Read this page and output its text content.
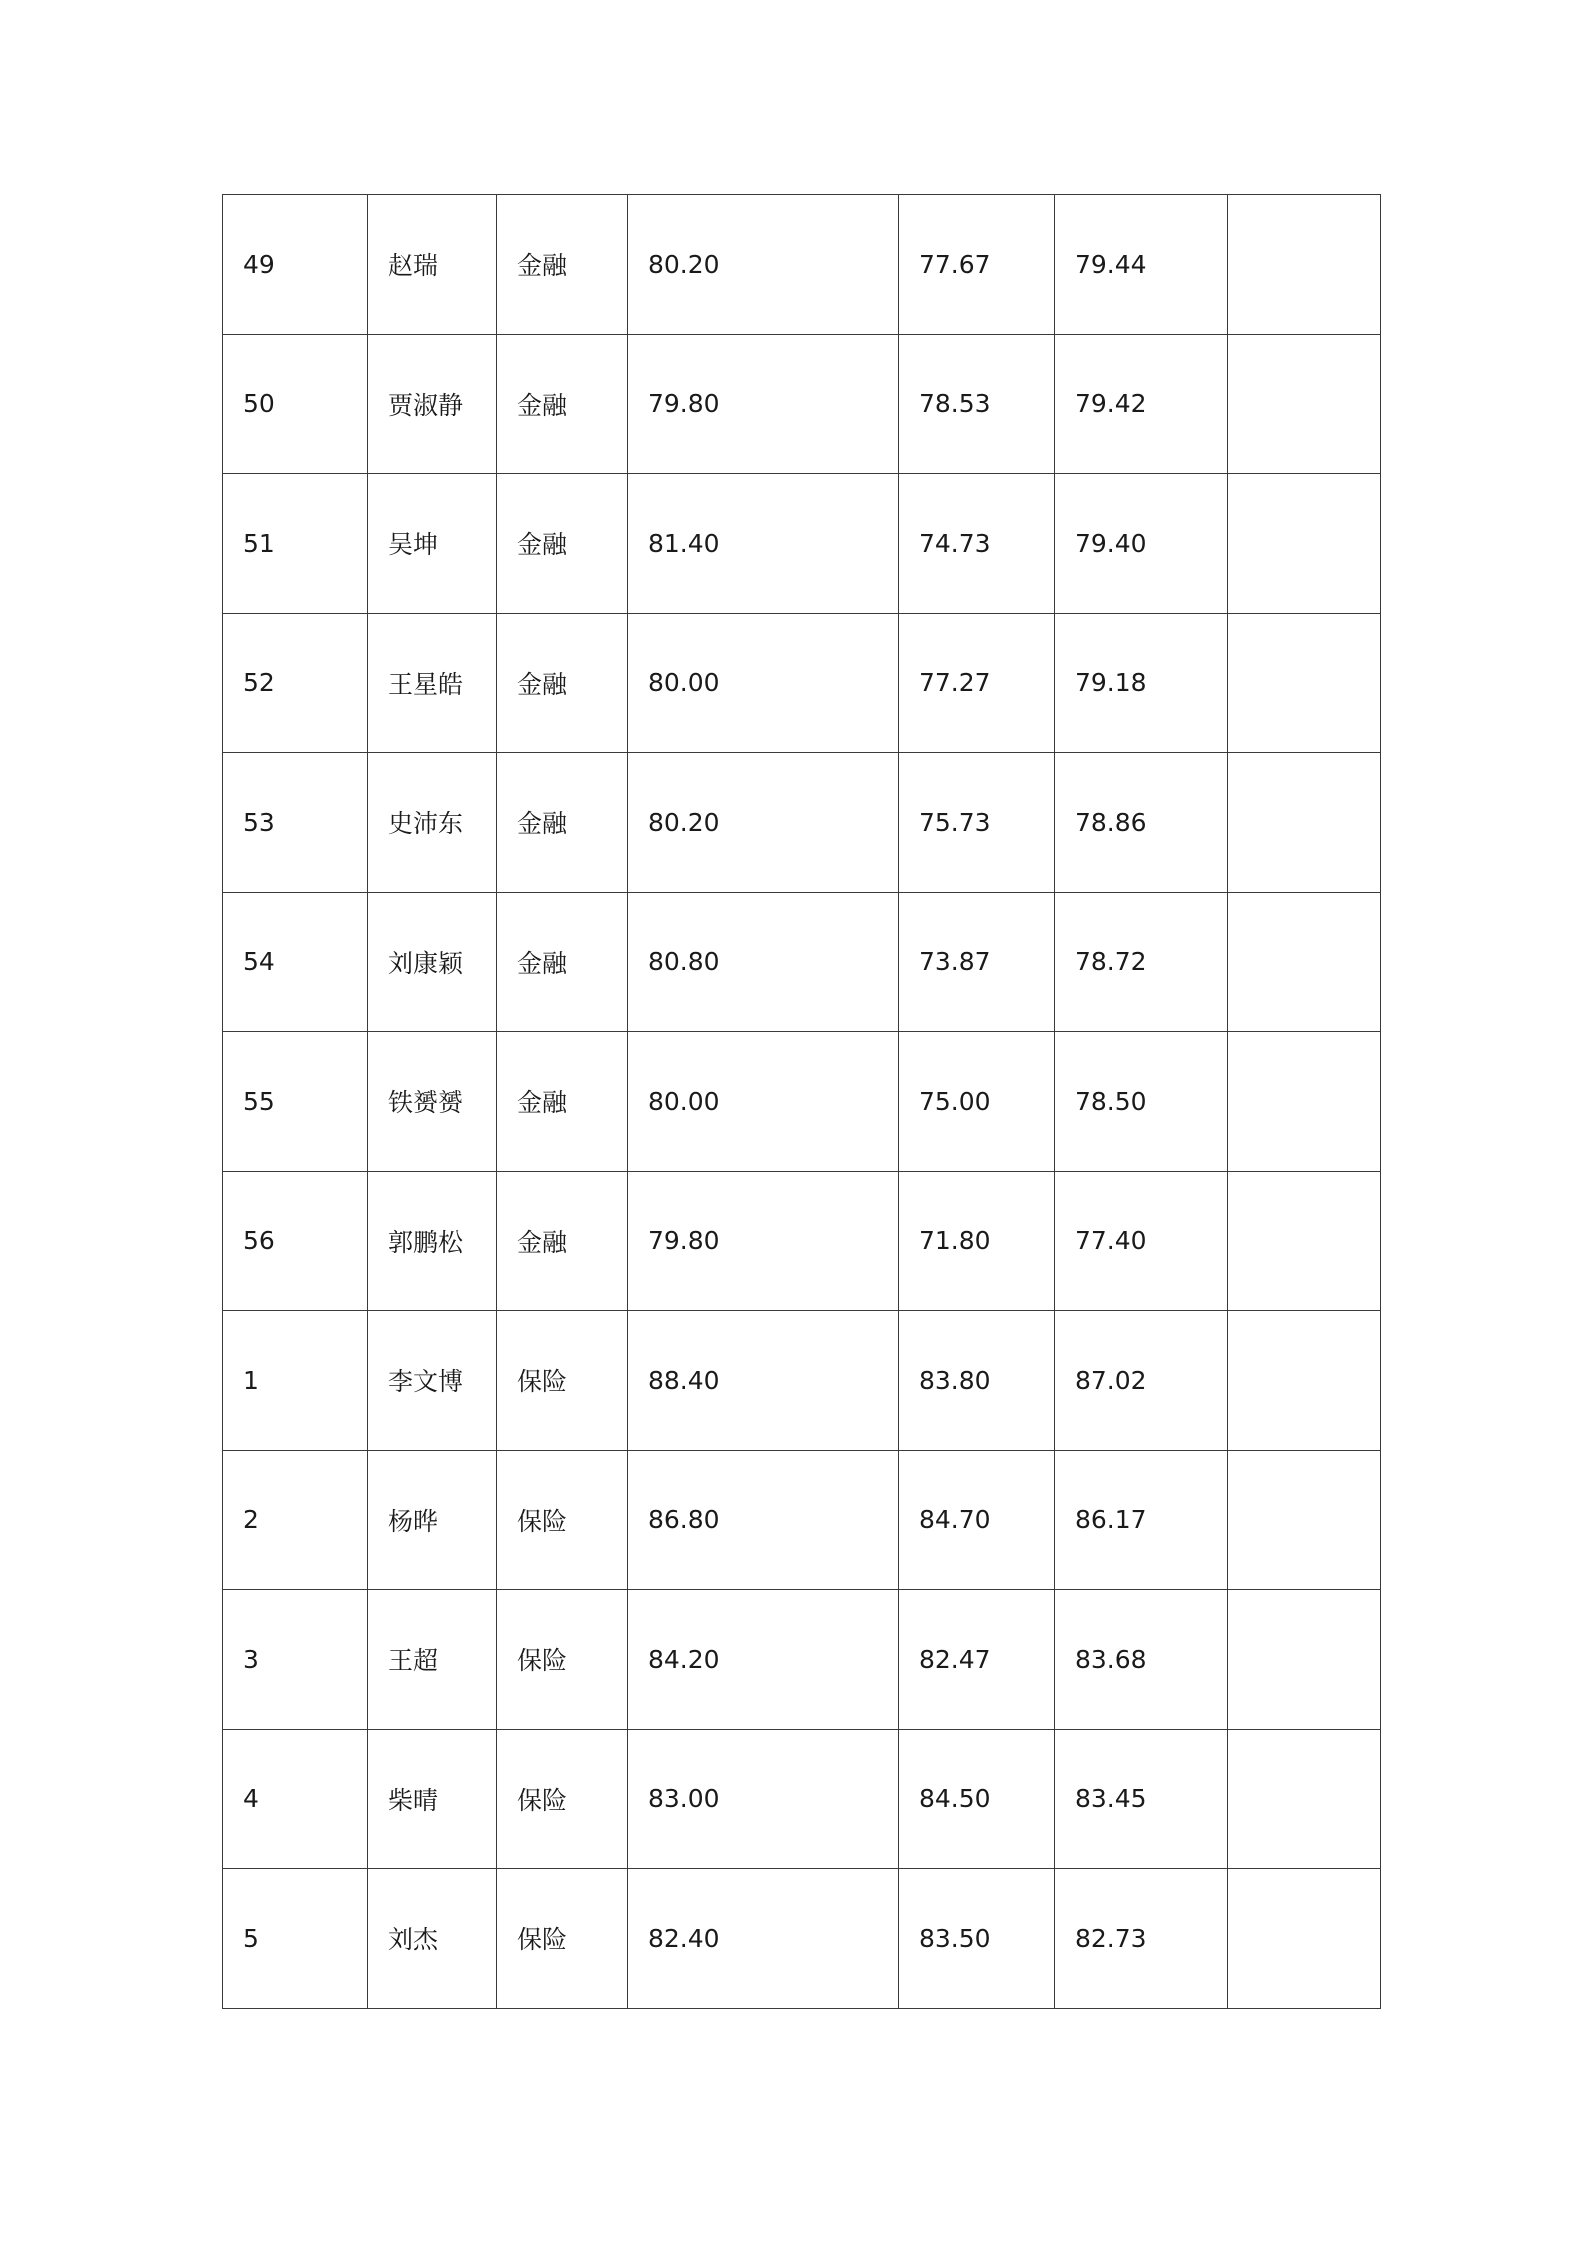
49	赵瑞	金融	80.20	77.67	79.44	
50	贾淑静	金融	79.80	78.53	79.42	
51	吴坤	金融	81.40	74.73	79.40	
52	王星皓	金融	80.00	77.27	79.18	
53	史沛东	金融	80.20	75.73	78.86	
54	刘康颖	金融	80.80	73.87	78.72	
55	铁赟赟	金融	80.00	75.00	78.50	
56	郭鹏松	金融	79.80	71.80	77.40	
1	李文博	保险	88.40	83.80	87.02	
2	杨晔	保险	86.80	84.70	86.17	
3	王超	保险	84.20	82.47	83.68	
4	柴晴	保险	83.00	84.50	83.45	
5	刘杰	保险	82.40	83.50	82.73	
